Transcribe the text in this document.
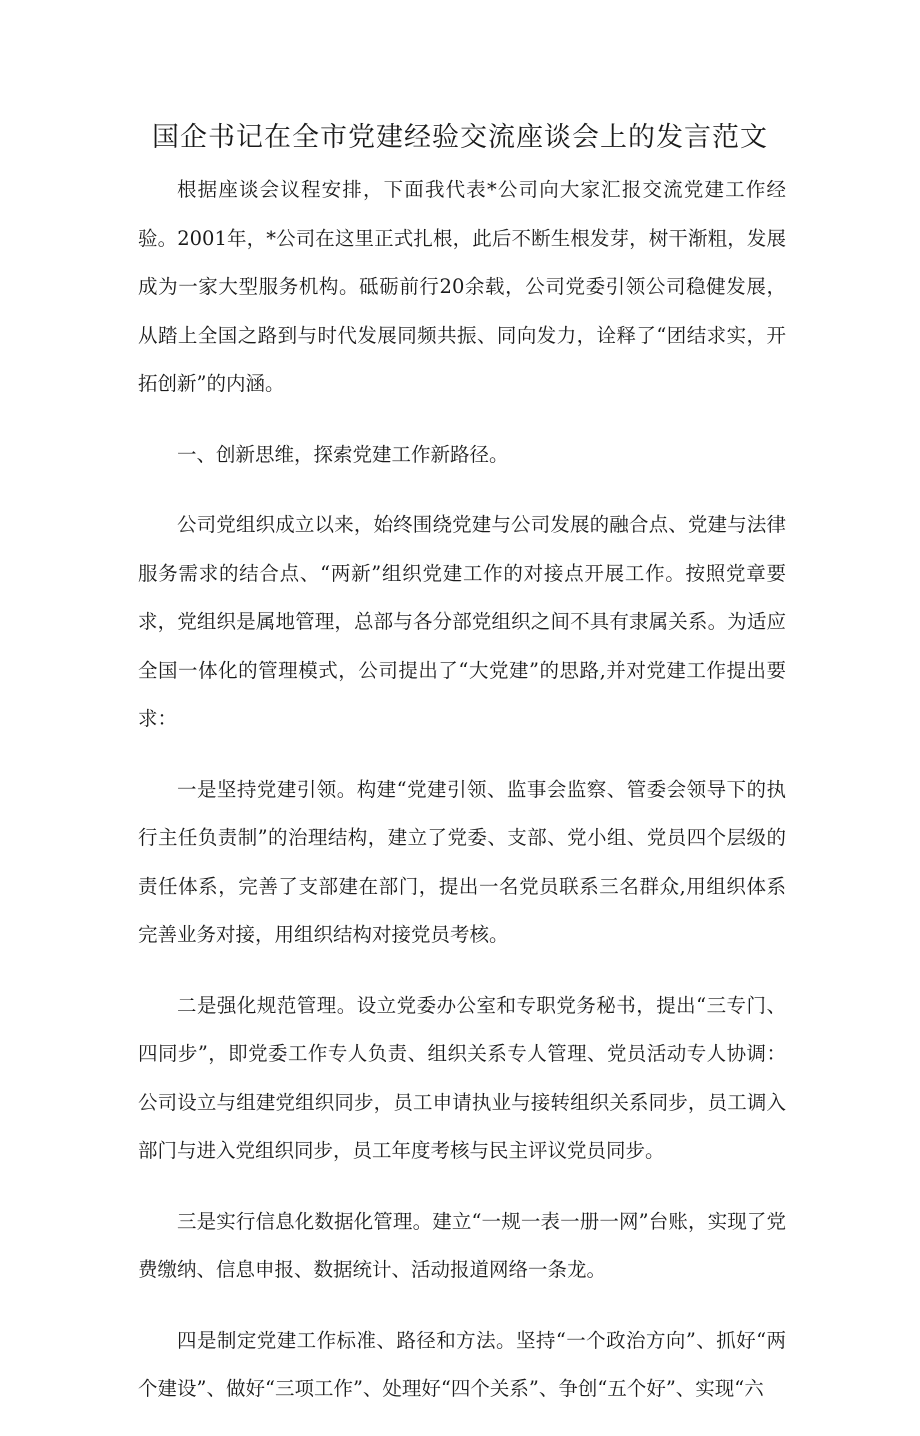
国企书记在全市党建经验交流座谈会上的发言范文

根据座谈会议程安排，下面我代表*公司向大家汇报交流党建工作经验。2001年，*公司在这里正式扎根，此后不断生根发芽，树干渐粗，发展成为一家大型服务机构。砥砺前行20余载，公司党委引领公司稳健发展，从踏上全国之路到与时代发展同频共振、同向发力，诠释了“团结求实，开拓创新”的内涵。

一、创新思维，探索党建工作新路径。

公司党组织成立以来，始终围绕党建与公司发展的融合点、党建与法律服务需求的结合点、“两新”组织党建工作的对接点开展工作。按照党章要求，党组织是属地管理，总部与各分部党组织之间不具有隶属关系。为适应全国一体化的管理模式，公司提出了“大党建”的思路,并对党建工作提出要求：

一是坚持党建引领。构建“党建引领、监事会监察、管委会领导下的执行主任负责制”的治理结构，建立了党委、支部、党小组、党员四个层级的责任体系，完善了支部建在部门，提出一名党员联系三名群众,用组织体系完善业务对接，用组织结构对接党员考核。

二是强化规范管理。设立党委办公室和专职党务秘书，提出“三专门、四同步”，即党委工作专人负责、组织关系专人管理、党员活动专人协调：公司设立与组建党组织同步，员工申请执业与接转组织关系同步，员工调入部门与进入党组织同步，员工年度考核与民主评议党员同步。

三是实行信息化数据化管理。建立“一规一表一册一网”台账，实现了党费缴纳、信息申报、数据统计、活动报道网络一条龙。

四是制定党建工作标准、路径和方法。坚持“一个政治方向”、抓好“两个建设”、做好“三项工作”、处理好“四个关系”、争创“五个好”、实现“六
